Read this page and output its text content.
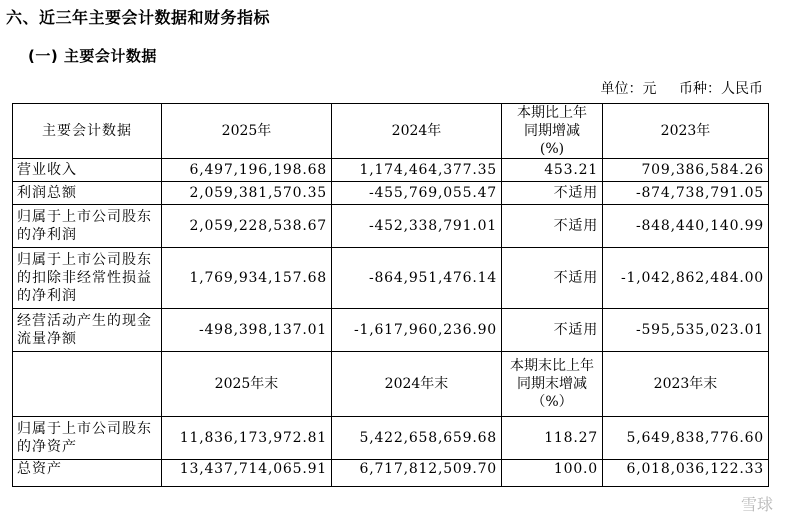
六、近三年主要会计数据和财务指标
(一) 主要会计数据
单位：元 币种：人民币
主要会计数据	2025年	2024年	本期比上年同期增减(%)	2023年
营业收入	6,497,196,198.68	1,174,464,377.35	453.21	709,386,584.26
利润总额	2,059,381,570.35	-455,769,055.47	不适用	-874,738,791.05
归属于上市公司股东的净利润	2,059,228,538.67	-452,338,791.01	不适用	-848,440,140.99
归属于上市公司股东的扣除非经常性损益的净利润	1,769,934,157.68	-864,951,476.14	不适用	-1,042,862,484.00
经营活动产生的现金流量净额	-498,398,137.01	-1,617,960,236.90	不适用	-595,535,023.01
	2025年末	2024年末	本期末比上年同期末增减（%）	2023年末
归属于上市公司股东的净资产	11,836,173,972.81	5,422,658,659.68	118.27	5,649,838,776.60
总资产	13,437,714,065.91	6,717,812,509.70	100.0	6,018,036,122.33
雪球
